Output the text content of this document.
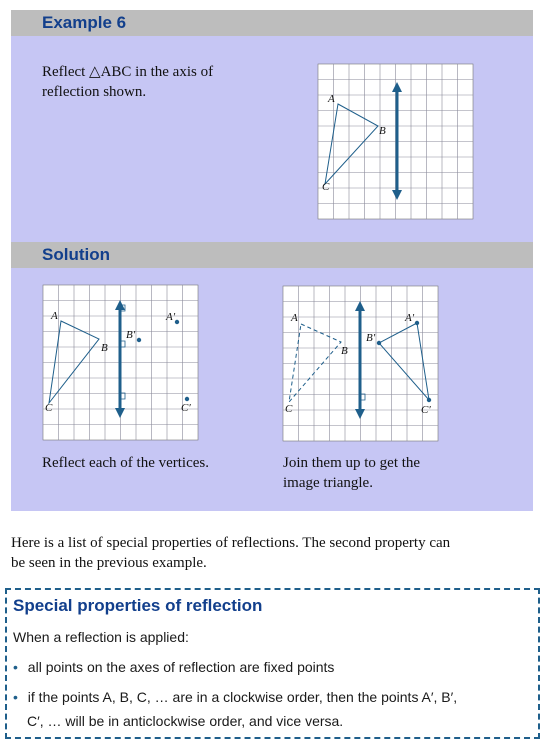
Example 6
Reflect △ABC in the axis of
reflection shown.	A
B
C
Solution
A
B
C
A′
B′
C′
A
B
C
A′
B′
C′
Reflect each of the vertices.	Join them up to get the
image triangle.
Here is a list of special properties of reflections. The second property can
be seen in the previous example.
Special properties of reflection
When a reflection is applied:
• all points on the axes of reflection are fixed points
• if the points A, B, C, … are in a clockwise order, then the points A′, B′,
C′, … will be in anticlockwise order, and vice versa.
